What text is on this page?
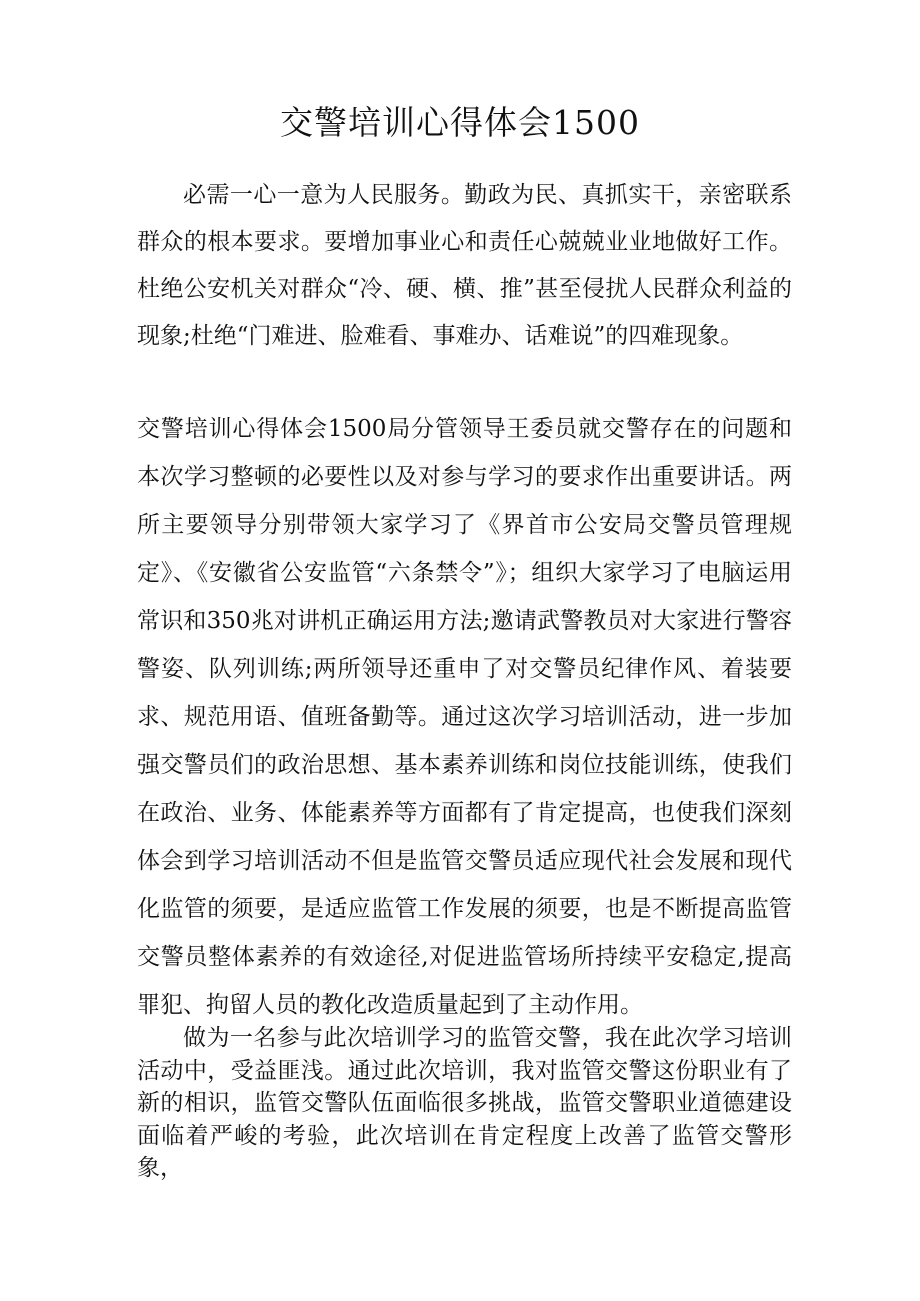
交警培训心得体会1500

必需一心一意为人民服务。勤政为民、真抓实干，亲密联系群众的根本要求。要增加事业心和责任心兢兢业业地做好工作。杜绝公安机关对群众“冷、硬、横、推”甚至侵扰人民群众利益的现象;杜绝“门难进、脸难看、事难办、话难说”的四难现象。

交警培训心得体会1500局分管领导王委员就交警存在的问题和本次学习整顿的必要性以及对参与学习的要求作出重要讲话。两所主要领导分别带领大家学习了《界首市公安局交警员管理规定》、《安徽省公安监管“六条禁令”》；组织大家学习了电脑运用常识和350兆对讲机正确运用方法;邀请武警教员对大家进行警容警姿、队列训练;两所领导还重申了对交警员纪律作风、着装要求、规范用语、值班备勤等。通过这次学习培训活动，进一步加强交警员们的政治思想、基本素养训练和岗位技能训练，使我们在政治、业务、体能素养等方面都有了肯定提高，也使我们深刻体会到学习培训活动不但是监管交警员适应现代社会发展和现代化监管的须要，是适应监管工作发展的须要，也是不断提高监管交警员整体素养的有效途径,对促进监管场所持续平安稳定,提高罪犯、拘留人员的教化改造质量起到了主动作用。

做为一名参与此次培训学习的监管交警，我在此次学习培训活动中，受益匪浅。通过此次培训，我对监管交警这份职业有了新的相识，监管交警队伍面临很多挑战，监管交警职业道德建设面临着严峻的考验，此次培训在肯定程度上改善了监管交警形象，
